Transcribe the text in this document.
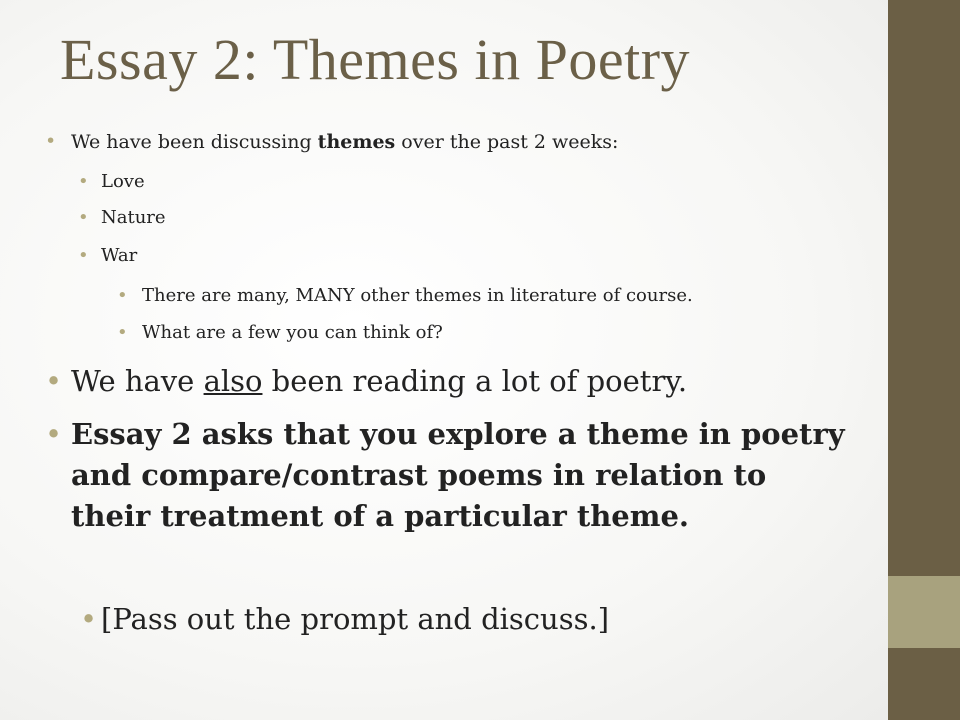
Essay 2: Themes in Poetry
• We have been discussing themes over the past 2 weeks:
• Love
• Nature
• War
• There are many, MANY other themes in literature of course.
• What are a few you can think of?
• We have also been reading a lot of poetry.
• Essay 2 asks that you explore a theme in poetry and compare/contrast poems in relation to their treatment of a particular theme.
• [Pass out the prompt and discuss.]
